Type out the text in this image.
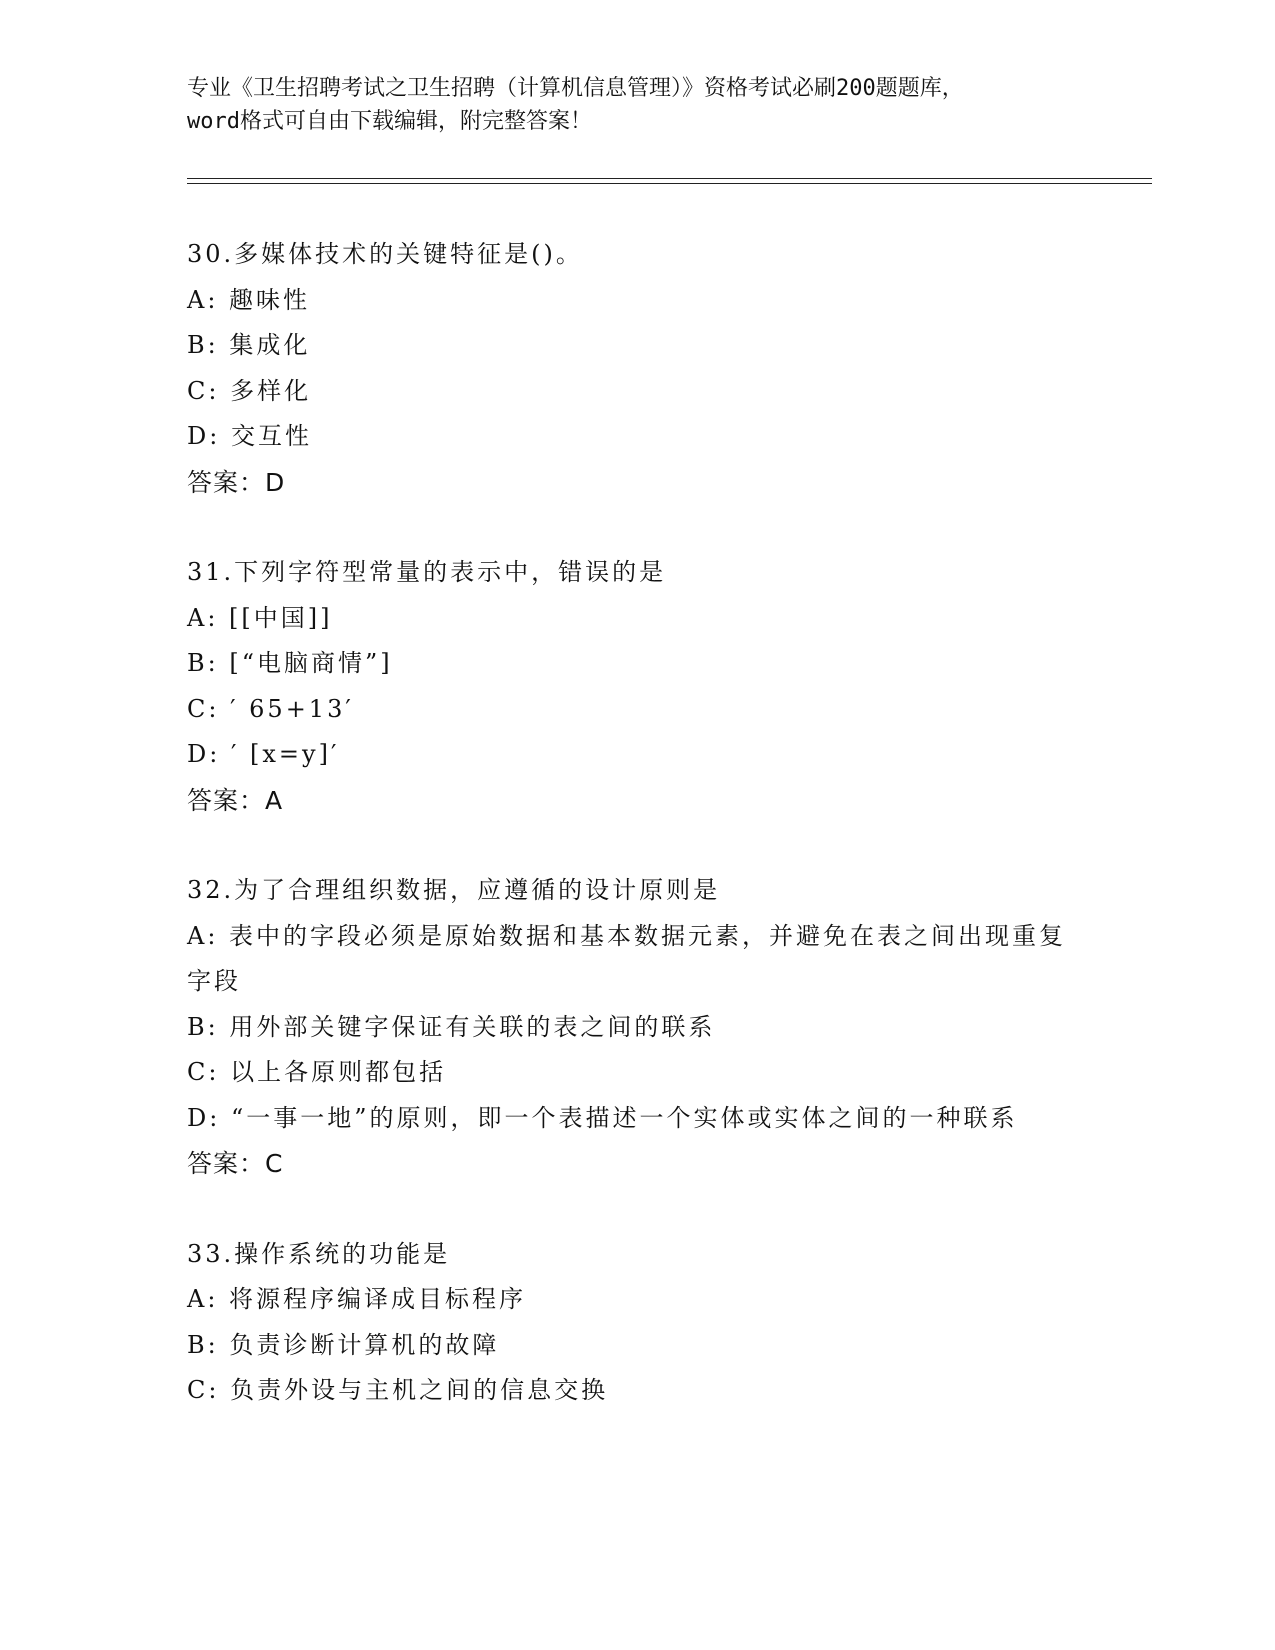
专业《卫生招聘考试之卫生招聘（计算机信息管理）》资格考试必刷200题题库，
word格式可自由下载编辑，附完整答案！
30.多媒体技术的关键特征是()。
A: 趣味性
B: 集成化
C: 多样化
D: 交互性
答案：D
31.下列字符型常量的表示中，错误的是
A: [[中国]]
B: [“电脑商情”]
C: ′ 65+13′
D: ′ [x=y]′
答案：A
32.为了合理组织数据，应遵循的设计原则是
A: 表中的字段必须是原始数据和基本数据元素，并避免在表之间出现重复字段
B: 用外部关键字保证有关联的表之间的联系
C: 以上各原则都包括
D: “一事一地”的原则，即一个表描述一个实体或实体之间的一种联系
答案：C
33.操作系统的功能是
A: 将源程序编译成目标程序
B: 负责诊断计算机的故障
C: 负责外设与主机之间的信息交换
